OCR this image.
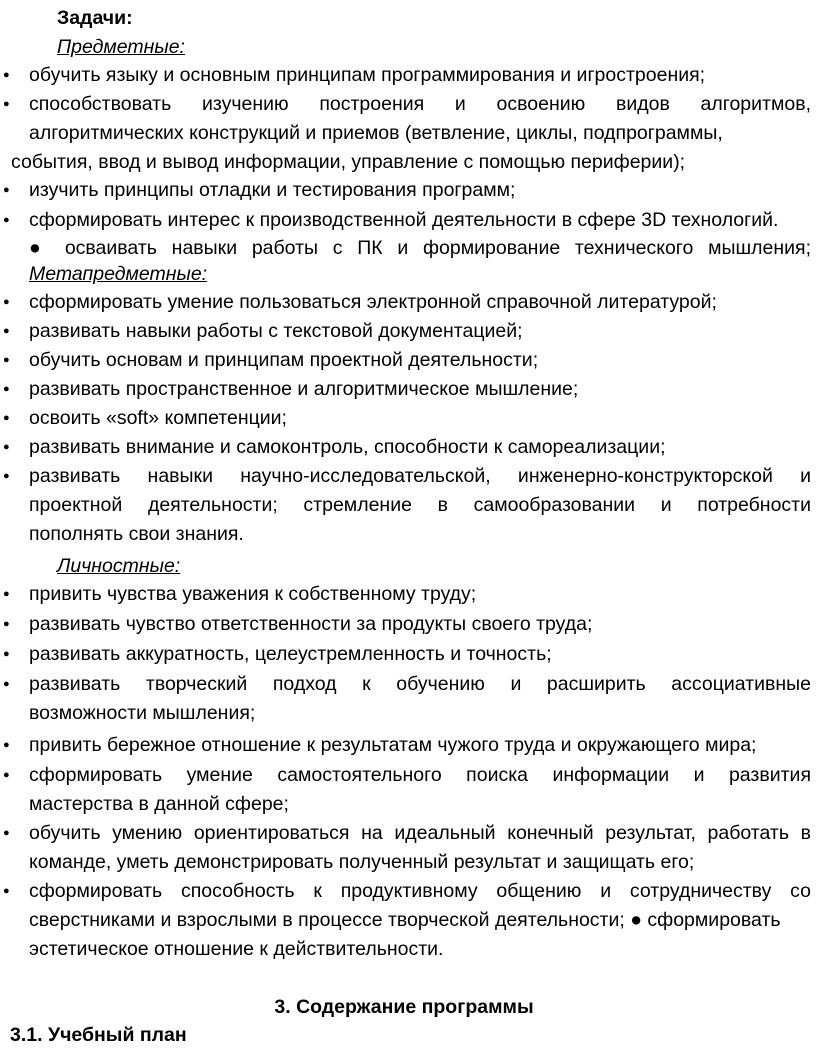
Задачи:
Предметные:
● обучить языку и основным принципам программирования и игростроения;
● способствовать изучению построения и освоению видов алгоритмов,
алгоритмических конструкций и приемов (ветвление, циклы, подпрограммы,
события, ввод и вывод информации, управление с помощью периферии);
● изучить принципы отладки и тестирования программ;
● сформировать интерес к производственной деятельности в сфере 3D технологий.
● осваивать навыки работы с ПК и формирование технического мышления;
Метапредметные:
● сформировать умение пользоваться электронной справочной литературой;
● развивать навыки работы с текстовой документацией;
● обучить основам и принципам проектной деятельности;
● развивать пространственное и алгоритмическое мышление;
● освоить «soft» компетенции;
● развивать внимание и самоконтроль, способности к самореализации;
● развивать навыки научно-исследовательской, инженерно-конструкторской и
проектной деятельности; стремление в самообразовании и потребности
пополнять свои знания.
Личностные:
● привить чувства уважения к собственному труду;
● развивать чувство ответственности за продукты своего труда;
● развивать аккуратность, целеустремленность и точность;
● развивать творческий подход к обучению и расширить ассоциативные
возможности мышления;
● привить бережное отношение к результатам чужого труда и окружающего мира;
● сформировать умение самостоятельного поиска информации и развития
мастерства в данной сфере;
● обучить умению ориентироваться на идеальный конечный результат, работать в
команде, уметь демонстрировать полученный результат и защищать его;
● сформировать способность к продуктивному общению и сотрудничеству со
сверстниками и взрослыми в процессе творческой деятельности; ● сформировать
эстетическое отношение к действительности.
3. Содержание программы
3.1. Учебный план
